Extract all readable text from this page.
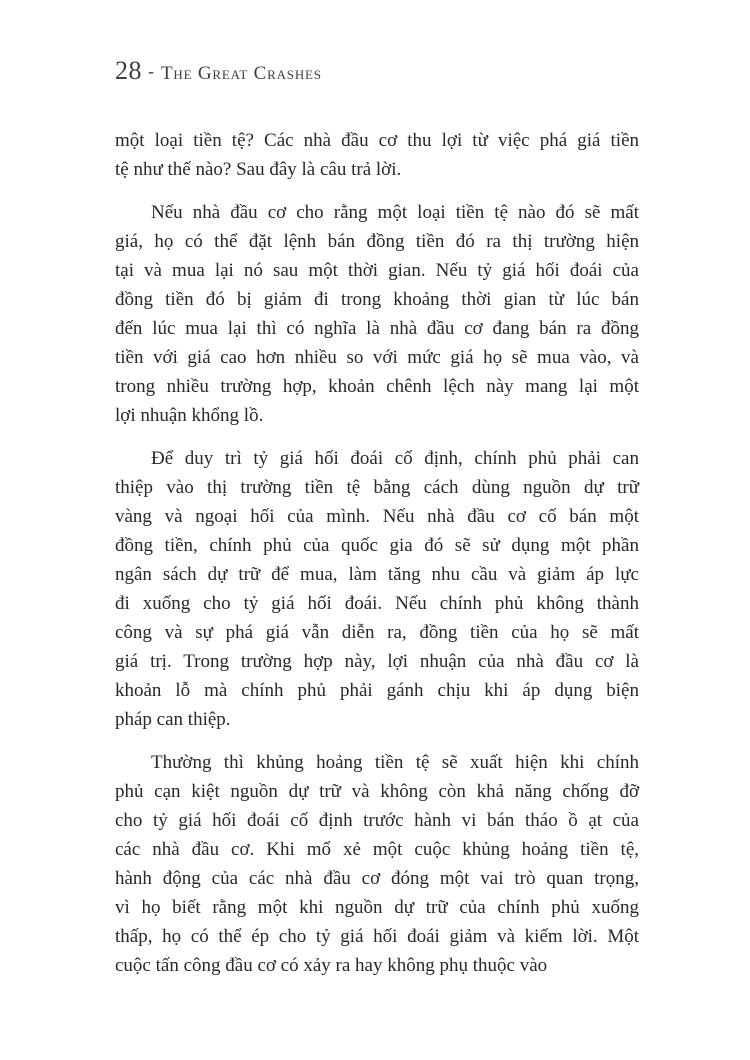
28 - The Great Crashes

một loại tiền tệ? Các nhà đầu cơ thu lợi từ việc phá giá tiền
tệ như thế nào? Sau đây là câu trả lời.

Nếu nhà đầu cơ cho rằng một loại tiền tệ nào đó sẽ mất
giá, họ có thể đặt lệnh bán đồng tiền đó ra thị trường hiện
tại và mua lại nó sau một thời gian. Nếu tỷ giá hối đoái của
đồng tiền đó bị giảm đi trong khoảng thời gian từ lúc bán
đến lúc mua lại thì có nghĩa là nhà đầu cơ đang bán ra đồng
tiền với giá cao hơn nhiều so với mức giá họ sẽ mua vào, và
trong nhiều trường hợp, khoản chênh lệch này mang lại một
lợi nhuận khổng lồ.

Để duy trì tỷ giá hối đoái cố định, chính phủ phải can
thiệp vào thị trường tiền tệ bằng cách dùng nguồn dự trữ
vàng và ngoại hối của mình. Nếu nhà đầu cơ cố bán một
đồng tiền, chính phủ của quốc gia đó sẽ sử dụng một phần
ngân sách dự trữ để mua, làm tăng nhu cầu và giảm áp lực
đi xuống cho tỷ giá hối đoái. Nếu chính phủ không thành
công và sự phá giá vẫn diễn ra, đồng tiền của họ sẽ mất
giá trị. Trong trường hợp này, lợi nhuận của nhà đầu cơ là
khoản lỗ mà chính phủ phải gánh chịu khi áp dụng biện
pháp can thiệp.

Thường thì khủng hoảng tiền tệ sẽ xuất hiện khi chính
phủ cạn kiệt nguồn dự trữ và không còn khả năng chống đỡ
cho tỷ giá hối đoái cố định trước hành vi bán tháo ồ ạt của
các nhà đầu cơ. Khi mổ xẻ một cuộc khủng hoảng tiền tệ,
hành động của các nhà đầu cơ đóng một vai trò quan trọng,
vì họ biết rằng một khi nguồn dự trữ của chính phủ xuống
thấp, họ có thể ép cho tỷ giá hối đoái giảm và kiếm lời. Một
cuộc tấn công đầu cơ có xảy ra hay không phụ thuộc vào
